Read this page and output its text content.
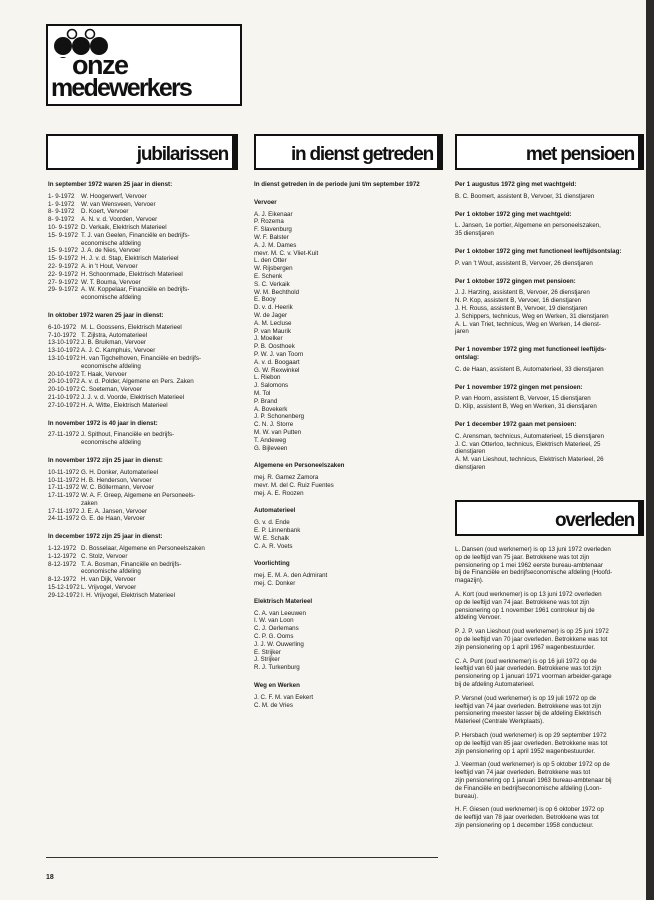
onze
medewerkers
jubilarissen	in dienst getreden	met pensioen
overleden
In september 1972 waren 25 jaar in dienst:
1- 9-1972	W. Hoogerwerf, Vervoer
1- 9-1972	W. van Wensveen, Vervoer
8- 9-1972	D. Koert, Vervoer
8- 9-1972	A. N. v. d. Voorden, Vervoer
10- 9-1972 D. Verkaik, Elektrisch Materieel
15- 9-1972 T. J. van Geelen, Financiële en bedrijfs-
economische afdeling
15- 9-1972 J. A. de Nies, Vervoer
15- 9-1972 H. J. v. d. Stap, Elektrisch Materieel
22- 9-1972 A. in 't Hout, Vervoer
22- 9-1972 H. Schoonmade, Elektrisch Materieel
27- 9-1972 W. T. Bouma, Vervoer
29- 9-1972 A. W. Koppelaar, Financiële en bedrijfs-
economische afdeling
In oktober 1972 waren 25 jaar in dienst:
6-10-1972 M. L. Goossens, Elektrisch Materieel
7-10-1972 T. Zijlstra, Automaterieel
13-10-1972 J. B. Bruikman, Vervoer
13-10-1972 A. J. C. Kamphuis, Vervoer
13-10-1972 H. van Tigchelhoven, Financiële en bedrijfs-
economische afdeling
20-10-1972 T. Haak, Vervoer
20-10-1972 A. v. d. Polder, Algemene en Pers. Zaken
20-10-1972 C. Soeteman, Vervoer
21-10-1972 J. J. v. d. Voorde, Elektrisch Materieel
27-10-1972 H. A. Witte, Elektrisch Materieel
In november 1972 is 40 jaar in dienst:
27-11-1972 J. Spithout, Financiële en bedrijfs-
economische afdeling
In november 1972 zijn 25 jaar in dienst:
10-11-1972 G. H. Donker, Automaterieel
10-11-1972 H. B. Henderson, Vervoer
17-11-1972 W. C. Böllermann, Vervoer
17-11-1972 W. A. F. Greep, Algemene en Personeels-
zaken
17-11-1972 J. E. A. Jansen, Vervoer
24-11-1972 G. E. de Haan, Vervoer
In december 1972 zijn 25 jaar in dienst:
1-12-1972 D. Bosselaar, Algemene en Personeelszaken
1-12-1972 C. Stolz, Vervoer
8-12-1972 T. A. Bosman, Financiële en bedrijfs-
economische afdeling
8-12-1972 H. van Dijk, Vervoer
15-12-1972 L. Vrijvogel, Vervoer
29-12-1972 I. H. Vrijvogel, Elektrisch Materieel
In dienst getreden in de periode juni t/m september 1972
Vervoer
A. J. Eikenaar
P. Rozema
F. Slavenburg
W. F. Balster
A. J. M. Dames
mevr. M. C. v. Vliet-Kuit
L. den Otter
W. Rijsbergen
E. Schenk
S. C. Verkaik
W. M. Bechthold
E. Booy
D. v. d. Heerik
W. de Jager
A. M. Lecluse
P. van Maurik
J. Moelker
P. B. Oosthoek
P. W. J. van Toorn
A. v. d. Boogaart
G. W. Rexwinkel
L. Riebon
J. Salomons
M. Tol
P. Brand
A. Bovekerk
J. P. Schonenberg
C. N. J. Storre
M. W. van Putten
T. Andeweg
G. Bijleveen
Algemene en Personeelszaken
mej. R. Gamez Zamora
mevr. M. del C. Ruiz Fuentes
mej. A. E. Roozen
Automaterieel
G. v. d. Ende
E. P. Linnenbank
W. E. Schalk
C. A. R. Voets
Voorlichting
mej. E. M. A. den Admirant
mej. C. Donker
Elektrisch Materieel
C. A. van Leeuwen
I. W. van Loon
C. J. Oerlemans
C. P. G. Ooms
J. J. W. Ouwerling
E. Strijker
J. Strijker
R. J. Turkenburg
Weg en Werken
J. C. F. M. van Eekert
C. M. de Vries
Per 1 augustus 1972 ging met wachtgeld:
B. C. Boomert, assistent B, Vervoer, 31 dienstjaren
Per 1 oktober 1972 ging met wachtgeld:
L. Jansen, 1e portier, Algemene en personeelszaken,
35 dienstjaren
Per 1 oktober 1972 ging met functioneel leeftijdsontslag:
P. van 't Wout, assistent B, Vervoer, 26 dienstjaren
Per 1 oktober 1972 gingen met pensioen:
J. J. Harzing, assistent B, Vervoer, 26 dienstjaren
N. P. Kop, assistent B, Vervoer, 16 dienstjaren
J. H. Rouss, assistent B, Vervoer, 19 dienstjaren
J. Schippers, technicus, Weg en Werken, 31 dienstjaren
A. L. van Triet, technicus, Weg en Werken, 14 dienst-
jaren
Per 1 november 1972 ging met functioneel leeftijds-
ontslag:
C. de Haan, assistent B, Automaterieel, 33 dienstjaren
Per 1 november 1972 gingen met pensioen:
P. van Hoorn, assistent B, Vervoer, 15 dienstjaren
D. Klip, assistent B, Weg en Werken, 31 dienstjaren
Per 1 december 1972 gaan met pensioen:
C. Arensman, technicus, Automaterieel, 15 dienstjaren
J. C. van Otterloo, technicus, Elektrisch Materieel, 25
dienstjaren
A. M. van Lieshout, technicus, Elektrisch Materieel, 26
dienstjaren
L. Dansen (oud werknemer) is op 13 juni 1972 overleden
op de leeftijd van 75 jaar. Betrokkene was tot zijn
pensionering op 1 mei 1962 eerste bureau-ambtenaar
bij de Financiële en bedrijfseconomische afdeling (Hoofd-
magazijn).
A. Kort (oud werknemer) is op 13 juni 1972 overleden
op de leeftijd van 74 jaar. Betrokkene was tot zijn
pensionering op 1 november 1961 controleur bij de
afdeling Vervoer.
P. J. P. van Lieshout (oud werknemer) is op 25 juni 1972
op de leeftijd van 70 jaar overleden. Betrokkene was tot
zijn pensionering op 1 april 1967 wagenbestuurder.
C. A. Punt (oud werknemer) is op 16 juli 1972 op de
leeftijd van 60 jaar overleden. Betrokkene was tot zijn
pensionering op 1 januari 1971 voorman arbeider-garage
bij de afdeling Automaterieel.
P. Versnel (oud werknemer) is op 19 juli 1972 op de
leeftijd van 74 jaar overleden. Betrokkene was tot zijn
pensionering meester lasser bij de afdeling Elektrisch
Materieel (Centrale Werkplaats).
P. Hersbach (oud werknemer) is op 29 september 1972
op de leeftijd van 85 jaar overleden. Betrokkene was tot
zijn pensionering op 1 april 1952 wagenbestuurder.
J. Veerman (oud werknemer) is op 5 oktober 1972 op de
leeftijd van 74 jaar overleden. Betrokkene was tot
zijn pensionering op 1 januari 1963 bureau-ambtenaar bij
de Financiële en bedrijfseconomische afdeling (Loon-
bureau).
H. F. Giesen (oud werknemer) is op 6 oktober 1972 op
de leeftijd van 78 jaar overleden. Betrokkene was tot
zijn pensionering op 1 december 1958 conducteur.
18
